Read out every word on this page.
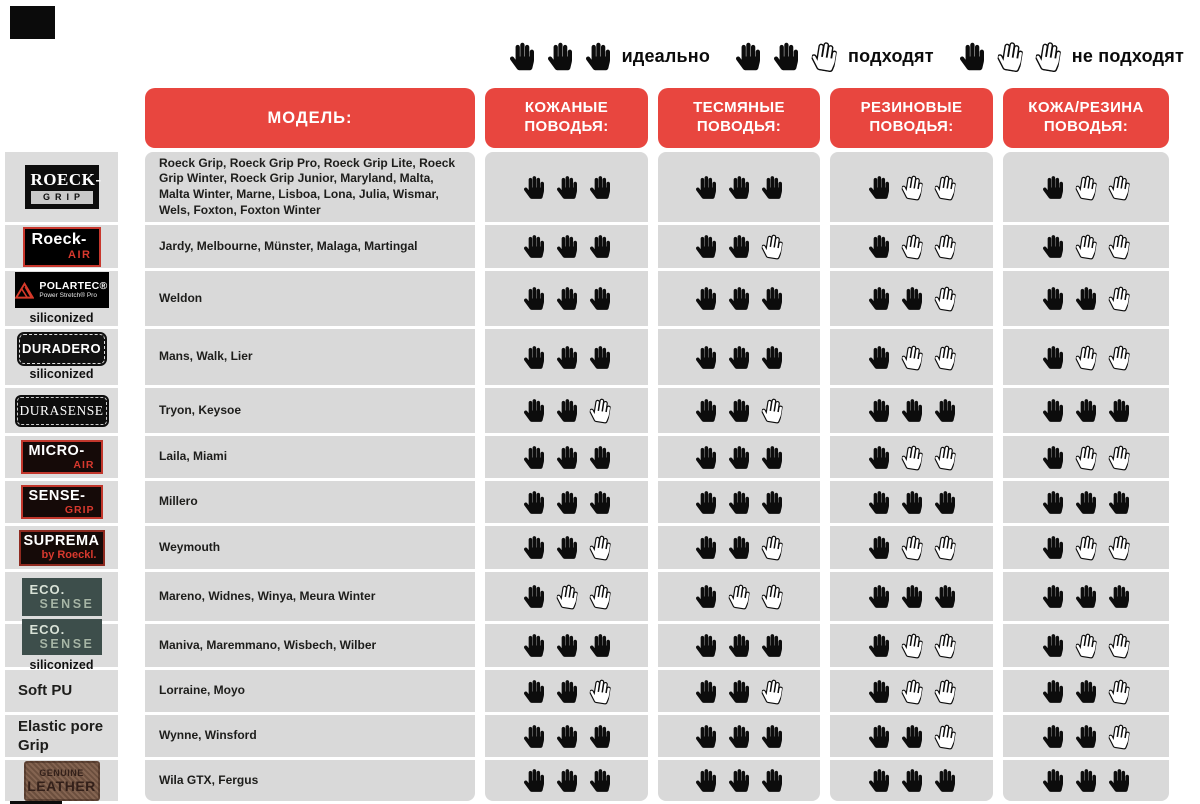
идеально	подходят	не подходят
МОДЕЛЬ:
КОЖАНЫЕ ПОВОДЬЯ:
ТЕСМЯНЫЕ ПОВОДЬЯ:
РЕЗИНОВЫЕ ПОВОДЬЯ:
КОЖА/РЕЗИНА ПОВОДЬЯ:
ROECK-
GRIP
Roeck-
AIR
POLARTEC®
Power Stretch® Pro
siliconized
DURADERO
siliconized
DURASENSE
MICRO-
AIR
SENSE-
GRIP
SUPREMA
by Roeckl.
ECO.
SENSE
ECO.
SENSE
siliconized
Soft PU
Elastic pore Grip
GENUINE
LEATHER
Roeck Grip, Roeck Grip Pro, Roeck Grip Lite, Roeck Grip Winter, Roeck Grip Junior, Maryland, Malta, Malta Winter, Marne, Lisboa, Lona, Julia, Wismar, Wels, Foxton, Foxton Winter
Jardy, Melbourne, Münster, Malaga, Martingal
Weldon
Mans, Walk, Lier
Tryon, Keysoe
Laila, Miami
Millero
Weymouth
Mareno, Widnes, Winya, Meura Winter
Maniva, Maremmano, Wisbech, Wilber
Lorraine, Moyo
Wynne, Winsford
Wila GTX, Fergus
